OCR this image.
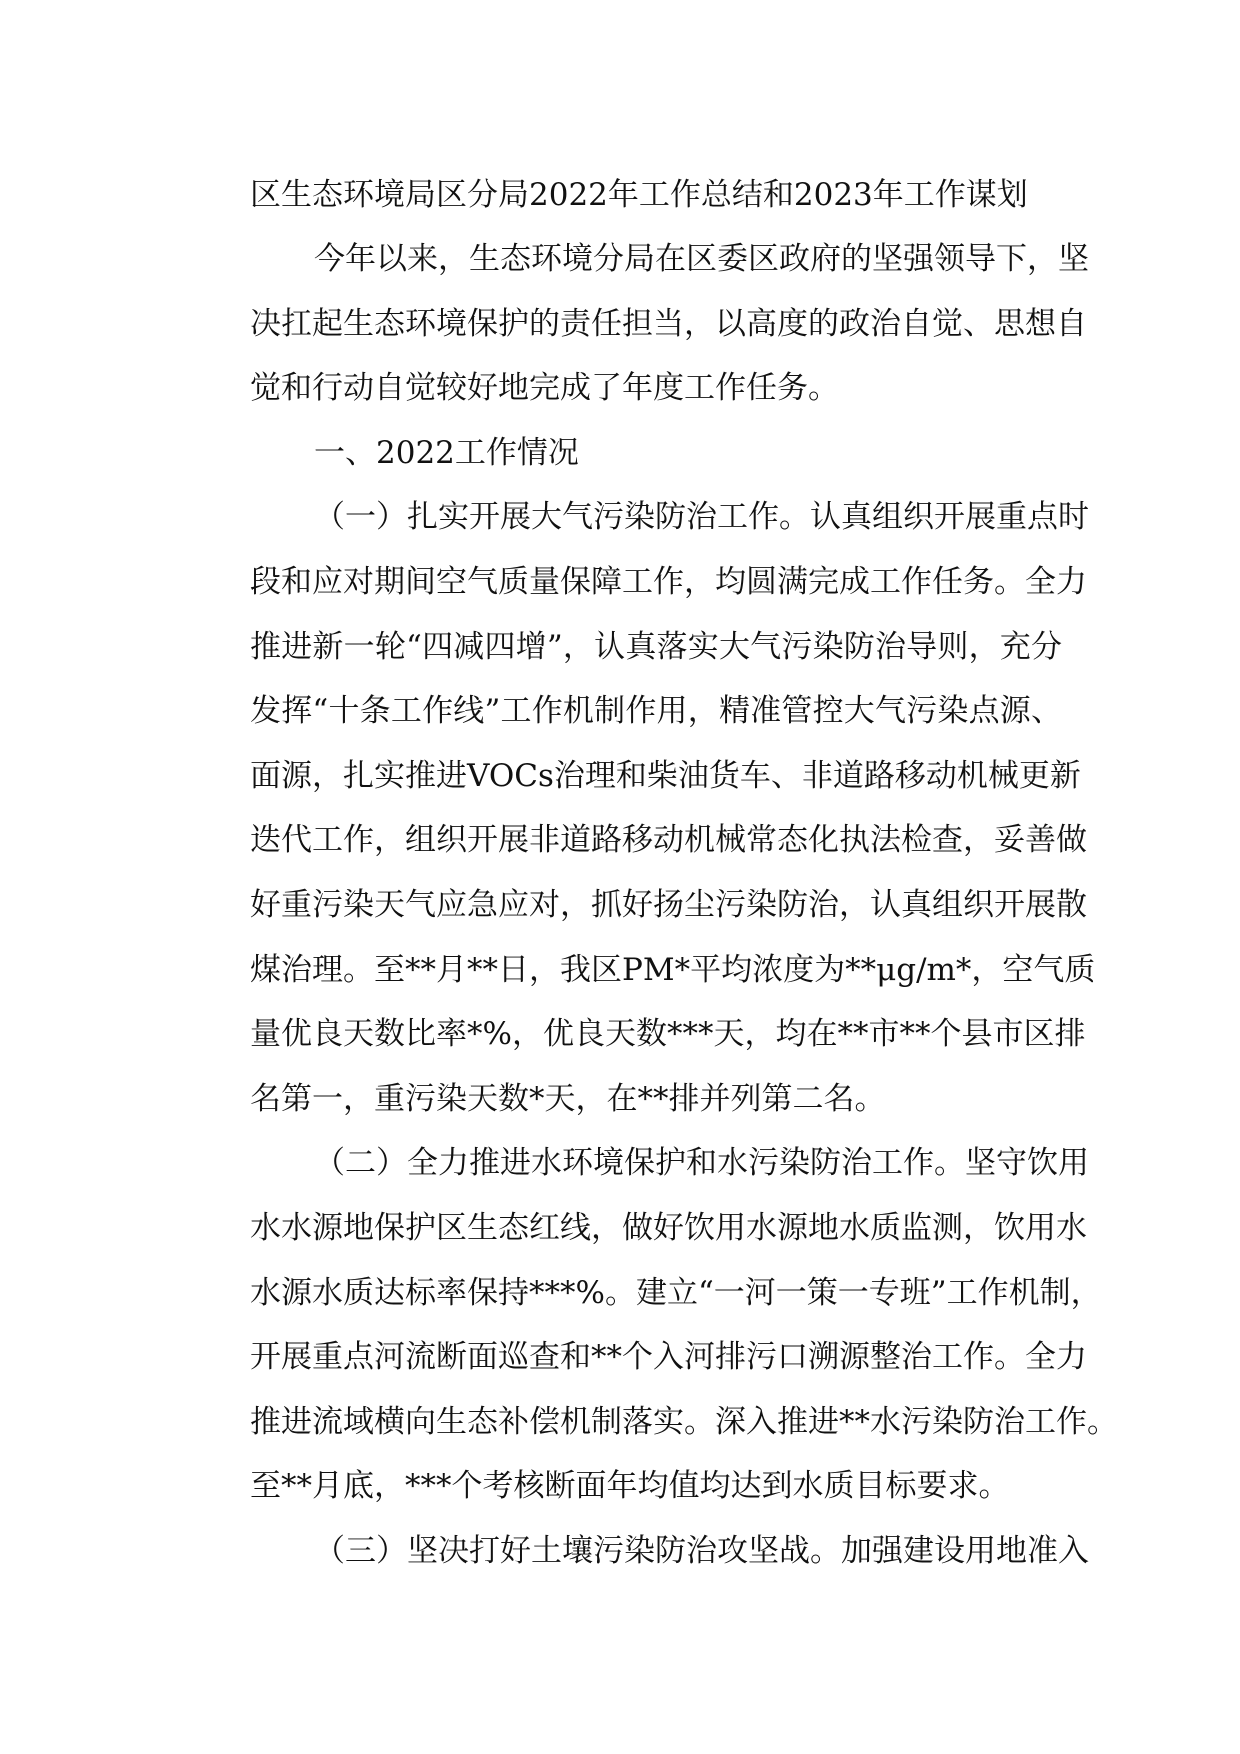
区生态环境局区分局2022年工作总结和2023年工作谋划

今年以来，生态环境分局在区委区政府的坚强领导下，坚
决扛起生态环境保护的责任担当，以高度的政治自觉、思想自
觉和行动自觉较好地完成了年度工作任务。

一、2022工作情况

（一）扎实开展大气污染防治工作。认真组织开展重点时
段和应对期间空气质量保障工作，均圆满完成工作任务。全力
推进新一轮“四减四增”，认真落实大气污染防治导则，充分
发挥“十条工作线”工作机制作用，精准管控大气污染点源、
面源，扎实推进VOCs治理和柴油货车、非道路移动机械更新
迭代工作，组织开展非道路移动机械常态化执法检查，妥善做
好重污染天气应急应对，抓好扬尘污染防治，认真组织开展散
煤治理。至**月**日，我区PM*平均浓度为**μg/m*，空气质
量优良天数比率*%，优良天数***天，均在**市**个县市区排
名第一，重污染天数*天，在**排并列第二名。

（二）全力推进水环境保护和水污染防治工作。坚守饮用
水水源地保护区生态红线，做好饮用水源地水质监测，饮用水
水源水质达标率保持***%。建立“一河一策一专班”工作机制，
开展重点河流断面巡查和**个入河排污口溯源整治工作。全力
推进流域横向生态补偿机制落实。深入推进**水污染防治工作。
至**月底，***个考核断面年均值均达到水质目标要求。

（三）坚决打好土壤污染防治攻坚战。加强建设用地准入
